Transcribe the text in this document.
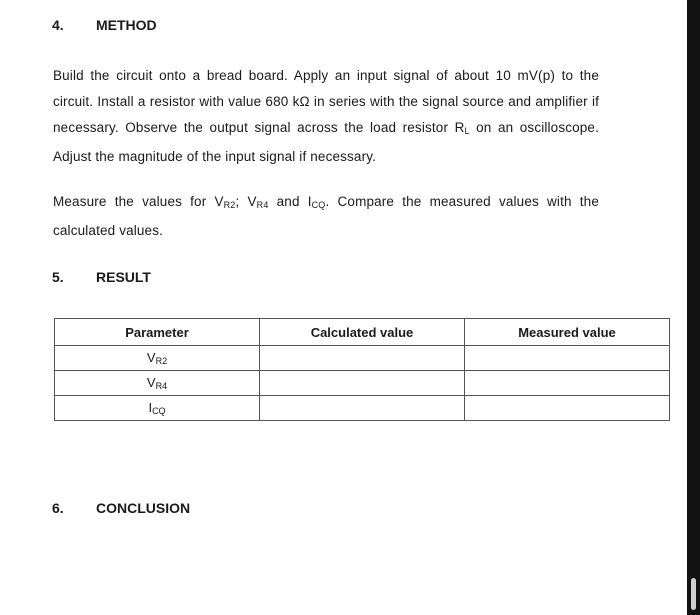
4. METHOD

Build the circuit onto a bread board. Apply an input signal of about 10 mV(p) to the circuit. Install a resistor with value 680 kΩ in series with the signal source and amplifier if necessary. Observe the output signal across the load resistor $R_L$ on an oscilloscope. Adjust the magnitude of the input signal if necessary.

Measure the values for $V_{R2}$; $V_{R4}$ and $I_{CQ}$. Compare the measured values with the calculated values.

5. RESULT
Parameter	Calculated value	Measured value
$V_{R2}$		
$V_{R4}$		
$I_{CQ}$		
6. CONCLUSION
